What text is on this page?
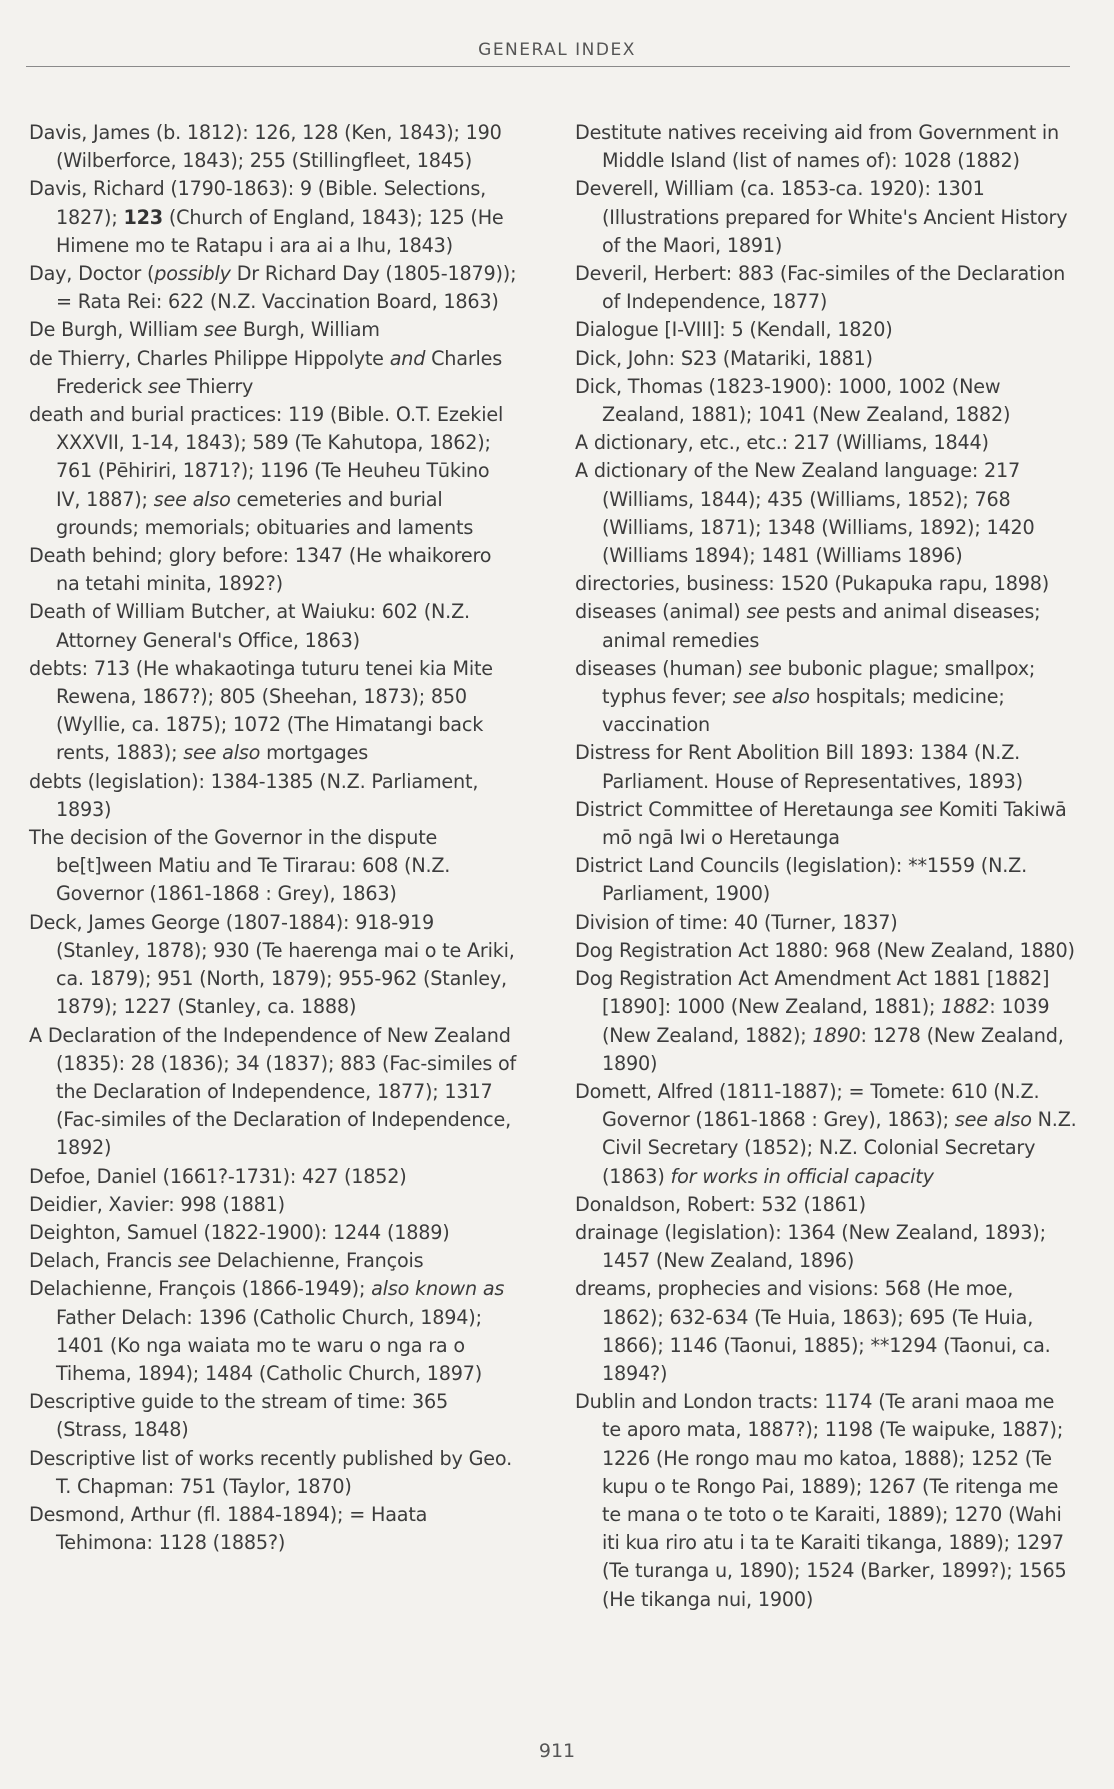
GENERAL INDEX

Davis, James (b. 1812): 126, 128 (Ken, 1843); 190 (Wilberforce, 1843); 255 (Stillingfleet, 1845)

Davis, Richard (1790-1863): 9 (Bible. Selections, 1827); 123 (Church of England, 1843); 125 (He Himene mo te Ratapu i ara ai a Ihu, 1843)

Day, Doctor (possibly Dr Richard Day (1805-1879)); = Rata Rei: 622 (N.Z. Vaccination Board, 1863)

De Burgh, William see Burgh, William

de Thierry, Charles Philippe Hippolyte and Charles Frederick see Thierry

death and burial practices: 119 (Bible. O.T. Ezekiel XXXVII, 1-14, 1843); 589 (Te Kahutopa, 1862); 761 (Pēhiriri, 1871?); 1196 (Te Heuheu Tūkino IV, 1887); see also cemeteries and burial grounds; memorials; obituaries and laments

Death behind; glory before: 1347 (He whaikorero na tetahi minita, 1892?)

Death of William Butcher, at Waiuku: 602 (N.Z. Attorney General's Office, 1863)

debts: 713 (He whakaotinga tuturu tenei kia Mite Rewena, 1867?); 805 (Sheehan, 1873); 850 (Wyllie, ca. 1875); 1072 (The Himatangi back rents, 1883); see also mortgages

debts (legislation): 1384-1385 (N.Z. Parliament, 1893)

The decision of the Governor in the dispute be[t]ween Matiu and Te Tirarau: 608 (N.Z. Governor (1861-1868 : Grey), 1863)

Deck, James George (1807-1884): 918-919 (Stanley, 1878); 930 (Te haerenga mai o te Ariki, ca. 1879); 951 (North, 1879); 955-962 (Stanley, 1879); 1227 (Stanley, ca. 1888)

A Declaration of the Independence of New Zealand (1835): 28 (1836); 34 (1837); 883 (Fac-similes of the Declaration of Independence, 1877); 1317 (Fac-similes of the Declaration of Independence, 1892)

Defoe, Daniel (1661?-1731): 427 (1852)

Deidier, Xavier: 998 (1881)

Deighton, Samuel (1822-1900): 1244 (1889)

Delach, Francis see Delachienne, François

Delachienne, François (1866-1949); also known as Father Delach: 1396 (Catholic Church, 1894); 1401 (Ko nga waiata mo te waru o nga ra o Tihema, 1894); 1484 (Catholic Church, 1897)

Descriptive guide to the stream of time: 365 (Strass, 1848)

Descriptive list of works recently published by Geo. T. Chapman: 751 (Taylor, 1870)

Desmond, Arthur (fl. 1884-1894); = Haata Tehimona: 1128 (1885?)

Destitute natives receiving aid from Government in Middle Island (list of names of): 1028 (1882)

Deverell, William (ca. 1853-ca. 1920): 1301 (Illustrations prepared for White's Ancient History of the Maori, 1891)

Deveril, Herbert: 883 (Fac-similes of the Declaration of Independence, 1877)

Dialogue [I-VIII]: 5 (Kendall, 1820)

Dick, John: S23 (Matariki, 1881)

Dick, Thomas (1823-1900): 1000, 1002 (New Zealand, 1881); 1041 (New Zealand, 1882)

A dictionary, etc., etc.: 217 (Williams, 1844)

A dictionary of the New Zealand language: 217 (Williams, 1844); 435 (Williams, 1852); 768 (Williams, 1871); 1348 (Williams, 1892); 1420 (Williams 1894); 1481 (Williams 1896)

directories, business: 1520 (Pukapuka rapu, 1898)

diseases (animal) see pests and animal diseases; animal remedies

diseases (human) see bubonic plague; smallpox; typhus fever; see also hospitals; medicine; vaccination

Distress for Rent Abolition Bill 1893: 1384 (N.Z. Parliament. House of Representatives, 1893)

District Committee of Heretaunga see Komiti Takiwā mō ngā Iwi o Heretaunga

District Land Councils (legislation): **1559 (N.Z. Parliament, 1900)

Division of time: 40 (Turner, 1837)

Dog Registration Act 1880: 968 (New Zealand, 1880)

Dog Registration Act Amendment Act 1881 [1882] [1890]: 1000 (New Zealand, 1881); 1882: 1039 (New Zealand, 1882); 1890: 1278 (New Zealand, 1890)

Domett, Alfred (1811-1887); = Tomete: 610 (N.Z. Governor (1861-1868 : Grey), 1863); see also N.Z. Civil Secretary (1852); N.Z. Colonial Secretary (1863) for works in official capacity

Donaldson, Robert: 532 (1861)

drainage (legislation): 1364 (New Zealand, 1893); 1457 (New Zealand, 1896)

dreams, prophecies and visions: 568 (He moe, 1862); 632-634 (Te Huia, 1863); 695 (Te Huia, 1866); 1146 (Taonui, 1885); **1294 (Taonui, ca. 1894?)

Dublin and London tracts: 1174 (Te arani maoa me te aporo mata, 1887?); 1198 (Te waipuke, 1887); 1226 (He rongo mau mo katoa, 1888); 1252 (Te kupu o te Rongo Pai, 1889); 1267 (Te ritenga me te mana o te toto o te Karaiti, 1889); 1270 (Wahi iti kua riro atu i ta te Karaiti tikanga, 1889); 1297 (Te turanga u, 1890); 1524 (Barker, 1899?); 1565 (He tikanga nui, 1900)

911
